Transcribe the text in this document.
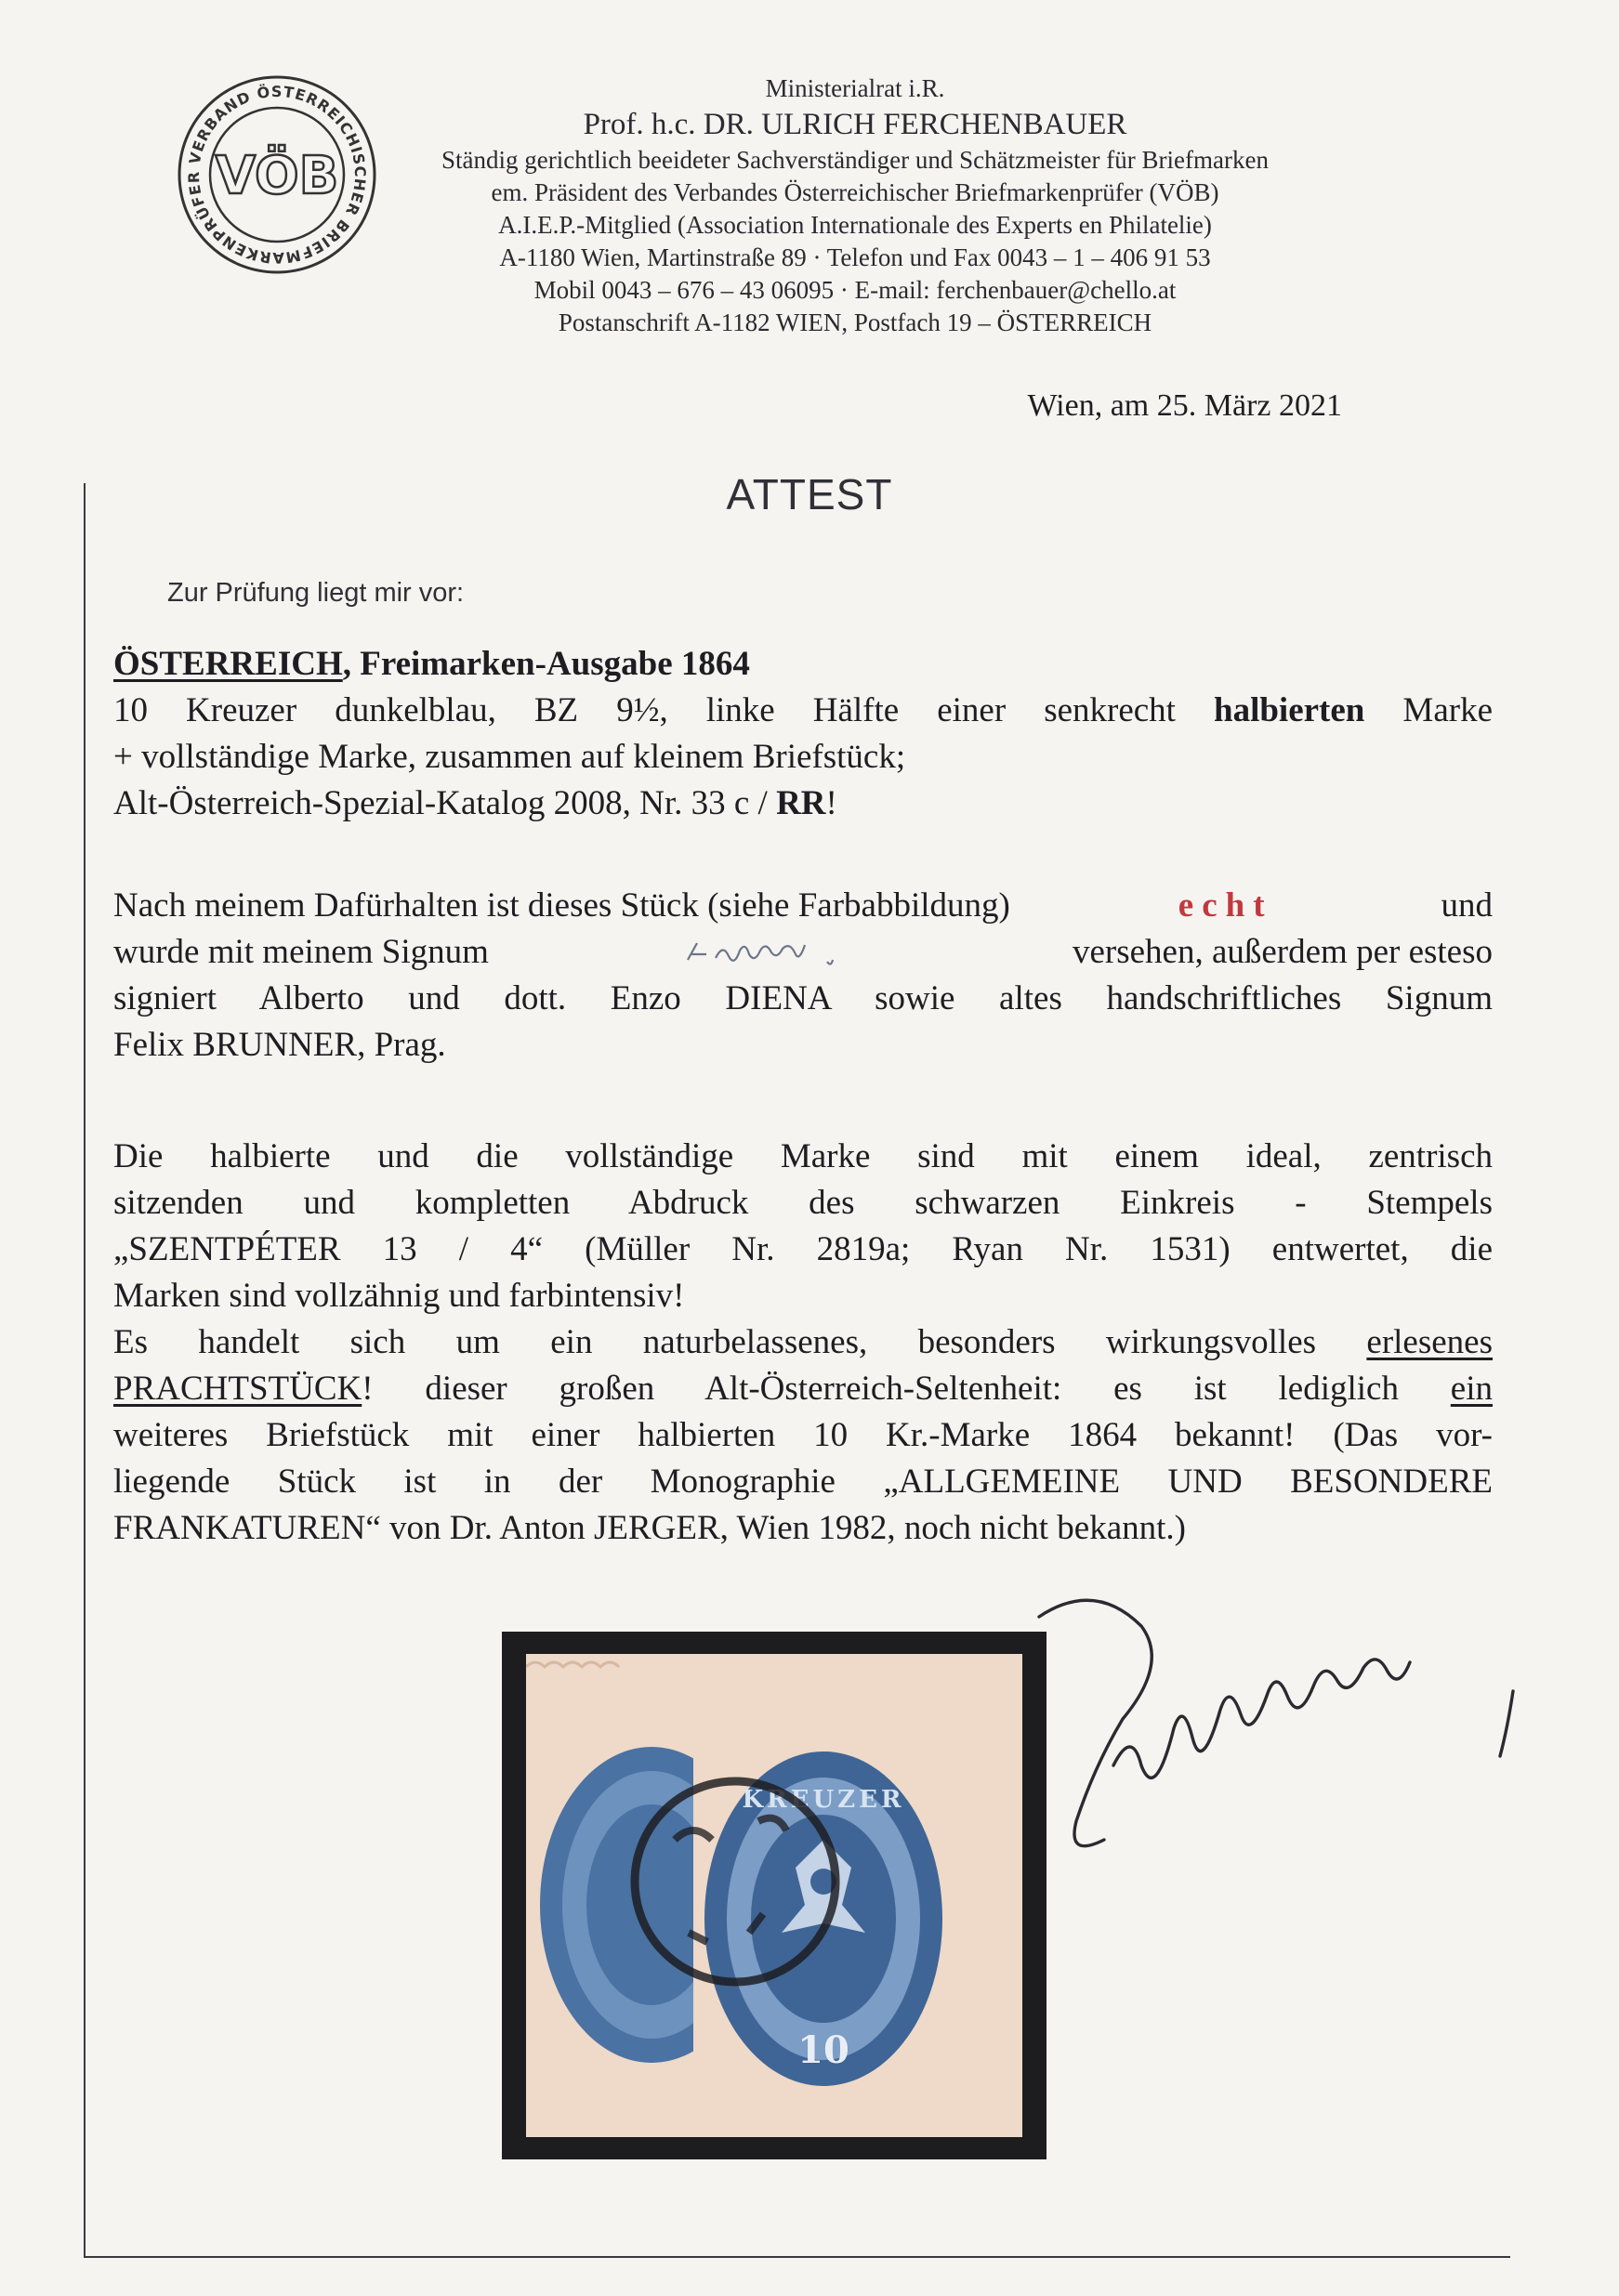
VERBAND ÖSTERREICHISCHER BRIEFMARKENPRÜFER VÖB
Ministerialrat i.R.
Prof. h.c. DR. ULRICH FERCHENBAUER
Ständig gerichtlich beeideter Sachverständiger und Schätzmeister für Briefmarken
em. Präsident des Verbandes Österreichischer Briefmarkenprüfer (VÖB)
A.I.E.P.-Mitglied (Association Internationale des Experts en Philatelie)
A-1180 Wien, Martinstraße 89 · Telefon und Fax 0043 – 1 – 406 91 53
Mobil 0043 – 676 – 43 06095 · E-mail: ferchenbauer@chello.at
Postanschrift A-1182 WIEN, Postfach 19 – ÖSTERREICH
Wien, am 25. März 2021
ATTEST
Zur Prüfung liegt mir vor:

ÖSTERREICH, Freimarken-Ausgabe 1864

10 Kreuzer dunkelblau, BZ 9½, linke Hälfte einer senkrecht halbierten Marke

+ vollständige Marke, zusammen auf kleinem Briefstück;

Alt-Österreich-Spezial-Katalog 2008, Nr. 33 c / RR!

Nach meinem Dafürhalten ist dieses Stück (siehe Farbabbildung)	echt	und

wurde mit meinem Signum	versehen, außerdem per esteso

signiert Alberto und dott. Enzo DIENA sowie altes handschriftliches Signum

Felix BRUNNER, Prag.

Die halbierte und die vollständige Marke sind mit einem ideal, zentrisch

sitzenden und kompletten Abdruck des schwarzen Einkreis - Stempels

„SZENTPÉTER 13 / 4“ (Müller Nr. 2819a; Ryan Nr. 1531) entwertet, die

Marken sind vollzähnig und farbintensiv!

Es handelt sich um ein naturbelassenes, besonders wirkungsvolles erlesenes

PRACHTSTÜCK! dieser großen Alt-Österreich-Seltenheit: es ist lediglich ein

weiteres Briefstück mit einer halbierten 10 Kr.-Marke 1864 bekannt! (Das vor-

liegende Stück ist in der Monographie „ALLGEMEINE UND BESONDERE

FRANKATUREN“ von Dr. Anton JERGER, Wien 1982, noch nicht bekannt.)

KREUZER
10
